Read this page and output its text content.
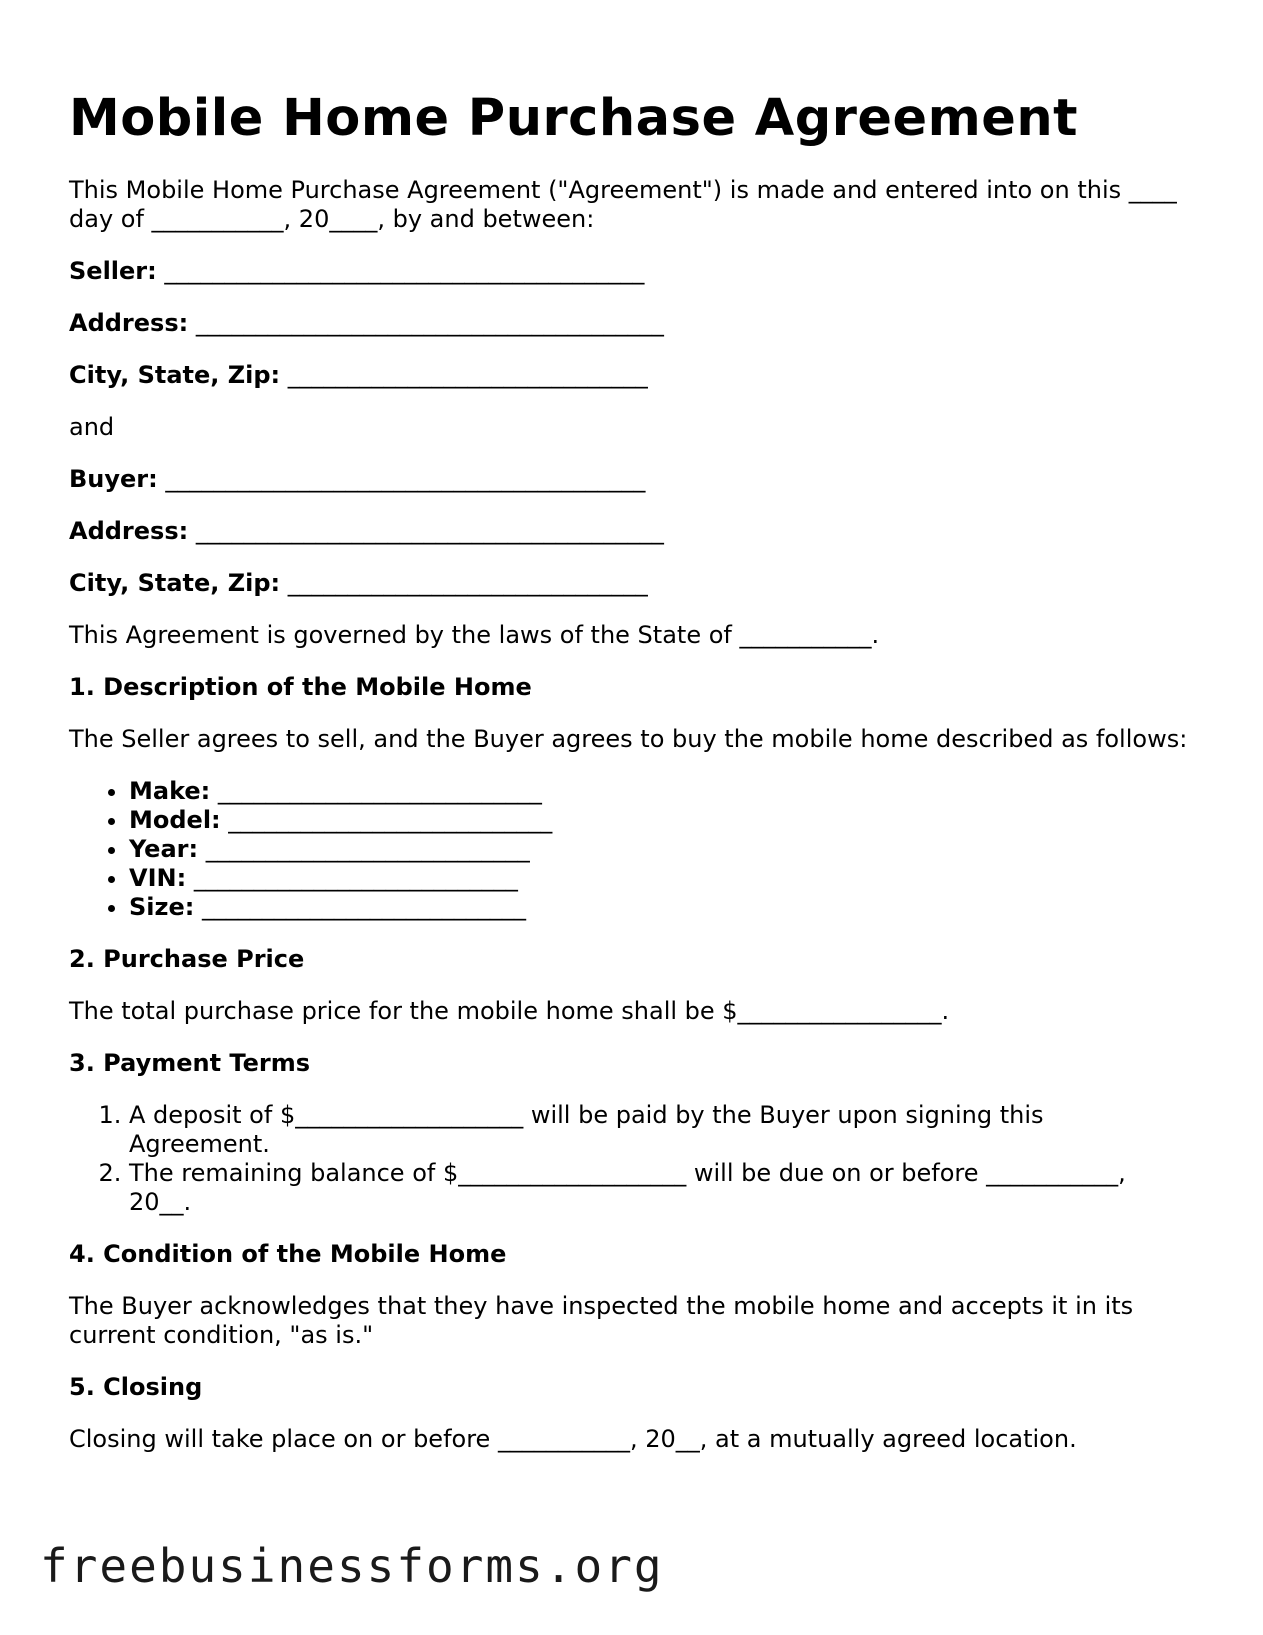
Mobile Home Purchase Agreement

This Mobile Home Purchase Agreement ("Agreement") is made and entered into on this ____ day of ___________, 20____, by and between:

Seller: ________________________________________
Address: _______________________________________
City, State, Zip: ______________________________

and

Buyer: ________________________________________
Address: _______________________________________
City, State, Zip: ______________________________

This Agreement is governed by the laws of the State of ___________.

1. Description of the Mobile Home

The Seller agrees to sell, and the Buyer agrees to buy the mobile home described as follows:

• Make: ___________________________
• Model: ___________________________
• Year: ___________________________
• VIN: ___________________________
• Size: ___________________________
2. Purchase Price

The total purchase price for the mobile home shall be $_________________.

3. Payment Terms
1. A deposit of $___________________ will be paid by the Buyer upon signing this Agreement.
2. The remaining balance of $___________________ will be due on or before ___________, 20__.
4. Condition of the Mobile Home

The Buyer acknowledges that they have inspected the mobile home and accepts it in its current condition, "as is."

5. Closing

Closing will take place on or before ___________, 20__, at a mutually agreed location.

freebusinessforms.org
